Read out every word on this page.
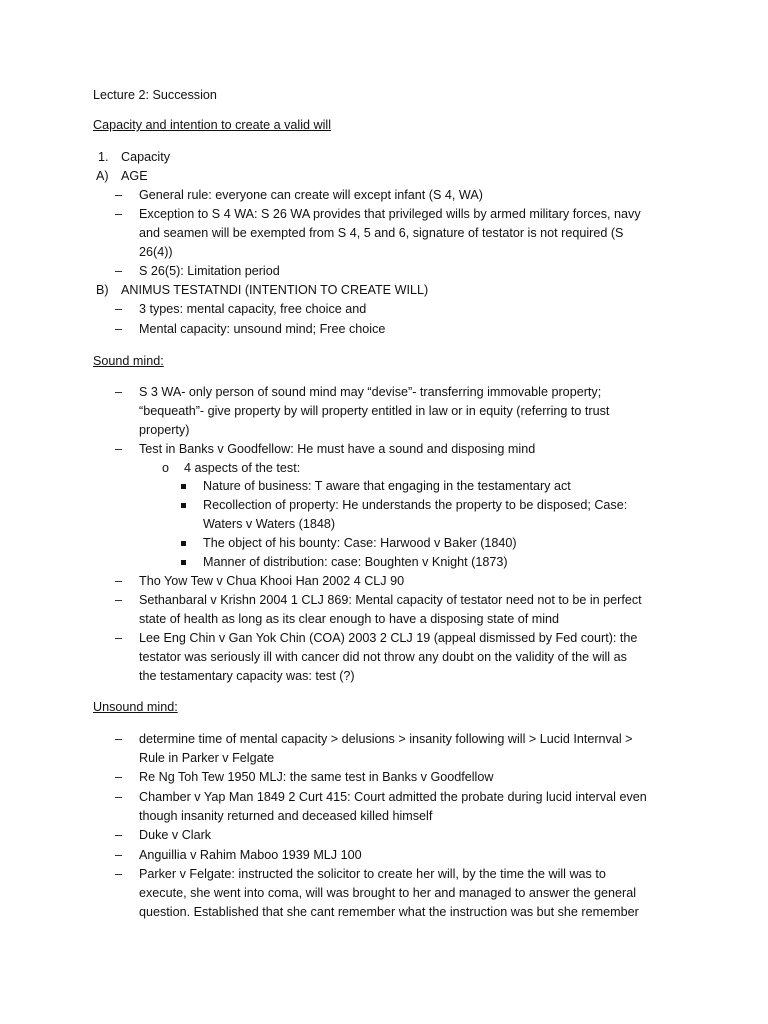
Lecture 2: Succession
Capacity and intention to create a valid will
1. Capacity
A) AGE
– General rule: everyone can create will except infant (S 4, WA)
– Exception to S 4 WA: S 26 WA provides that privileged wills by armed military forces, navy
and seamen will be exempted from S 4, 5 and 6, signature of testator is not required (S
26(4))
– S 26(5): Limitation period
B) ANIMUS TESTATNDI (INTENTION TO CREATE WILL)
– 3 types: mental capacity, free choice and
– Mental capacity: unsound mind; Free choice
Sound mind:
– S 3 WA- only person of sound mind may “devise”- transferring immovable property;
“bequeath”- give property by will property entitled in law or in equity (referring to trust
property)
– Test in Banks v Goodfellow: He must have a sound and disposing mind
o 4 aspects of the test:
Nature of business: T aware that engaging in the testamentary act
Recollection of property: He understands the property to be disposed; Case:
Waters v Waters (1848)
The object of his bounty: Case: Harwood v Baker (1840)
Manner of distribution: case: Boughten v Knight (1873)
– Tho Yow Tew v Chua Khooi Han 2002 4 CLJ 90
– Sethanbaral v Krishn 2004 1 CLJ 869: Mental capacity of testator need not to be in perfect
state of health as long as its clear enough to have a disposing state of mind
– Lee Eng Chin v Gan Yok Chin (COA) 2003 2 CLJ 19 (appeal dismissed by Fed court): the
testator was seriously ill with cancer did not throw any doubt on the validity of the will as
the testamentary capacity was: test (?)
Unsound mind:
– determine time of mental capacity > delusions > insanity following will > Lucid Internval >
Rule in Parker v Felgate
– Re Ng Toh Tew 1950 MLJ: the same test in Banks v Goodfellow
– Chamber v Yap Man 1849 2 Curt 415: Court admitted the probate during lucid interval even
though insanity returned and deceased killed himself
– Duke v Clark
– Anguillia v Rahim Maboo 1939 MLJ 100
– Parker v Felgate: instructed the solicitor to create her will, by the time the will was to
execute, she went into coma, will was brought to her and managed to answer the general
question. Established that she cant remember what the instruction was but she remember
